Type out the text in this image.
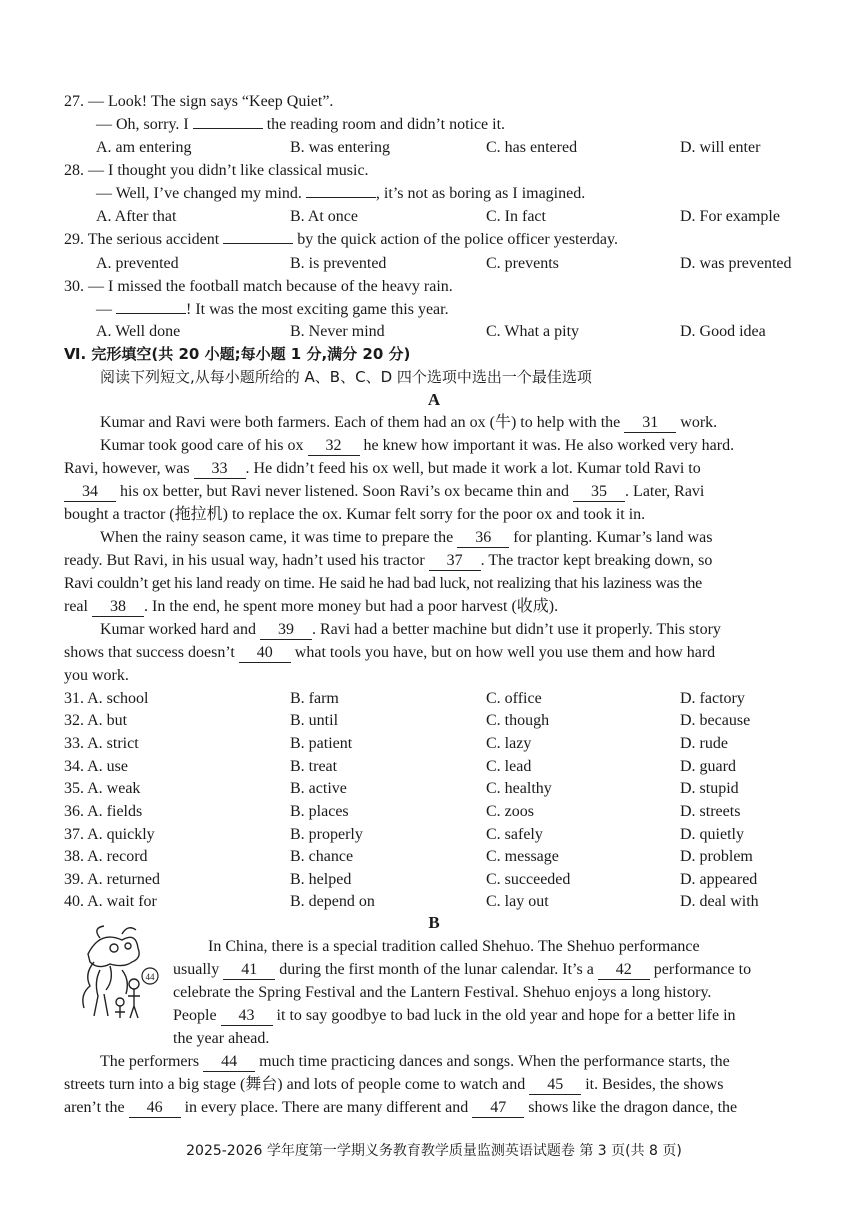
27. — Look! The sign says “Keep Quiet”.
— Oh, sorry. I	the reading room and didn’t notice it.
A. am entering	B. was entering	C. has entered	D. will enter
28. — I thought you didn’t like classical music.
— Well, I’ve changed my mind.	, it’s not as boring as I imagined.
A. After that	B. At once	C. In fact	D. For example
29. The serious accident	by the quick action of the police officer yesterday.
A. prevented	B. is prevented	C. prevents	D. was prevented
30. — I missed the football match because of the heavy rain.
—	! It was the most exciting game this year.
A. Well done	B. Never mind	C. What a pity	D. Good idea
Ⅵ. 完形填空(共 20 小题;每小题 1 分,满分 20 分)
阅读下列短文,从每小题所给的 A、B、C、D 四个选项中选出一个最佳选项
A
Kumar and Ravi were both farmers. Each of them had an ox (牛) to help with the 31 work.
Kumar took good care of his ox 32 he knew how important it was. He also worked very hard.
Ravi, however, was 33 . He didn’t feed his ox well, but made it work a lot. Kumar told Ravi to
34 his ox better, but Ravi never listened. Soon Ravi’s ox became thin and 35 . Later, Ravi
bought a tractor (拖拉机) to replace the ox. Kumar felt sorry for the poor ox and took it in.
When the rainy season came, it was time to prepare the 36 for planting. Kumar’s land was
ready. But Ravi, in his usual way, hadn’t used his tractor 37 . The tractor kept breaking down, so
Ravi couldn’t get his land ready on time. He said he had bad luck, not realizing that his laziness was the
real 38 . In the end, he spent more money but had a poor harvest (收成).
Kumar worked hard and 39 . Ravi had a better machine but didn’t use it properly. This story
shows that success doesn’t 40 what tools you have, but on how well you use them and how hard
you work.
31. A. school	B. farm	C. office	D. factory
32. A. but	B. until	C. though	D. because
33. A. strict	B. patient	C. lazy	D. rude
34. A. use	B. treat	C. lead	D. guard
35. A. weak	B. active	C. healthy	D. stupid
36. A. fields	B. places	C. zoos	D. streets
37. A. quickly	B. properly	C. safely	D. quietly
38. A. record	B. chance	C. message	D. problem
39. A. returned	B. helped	C. succeeded	D. appeared
40. A. wait for	B. depend on	C. lay out	D. deal with
B
44
In China, there is a special tradition called Shehuo. The Shehuo performance
usually 41 during the first month of the lunar calendar. It’s a 42 performance to
celebrate the Spring Festival and the Lantern Festival. Shehuo enjoys a long history.
People 43 it to say goodbye to bad luck in the old year and hope for a better life in
the year ahead.
The performers 44 much time practicing dances and songs. When the performance starts, the
streets turn into a big stage (舞台) and lots of people come to watch and 45 it. Besides, the shows
aren’t the 46 in every place. There are many different and 47 shows like the dragon dance, the
2025-2026 学年度第一学期义务教育教学质量监测英语试题卷 第 3 页(共 8 页)
